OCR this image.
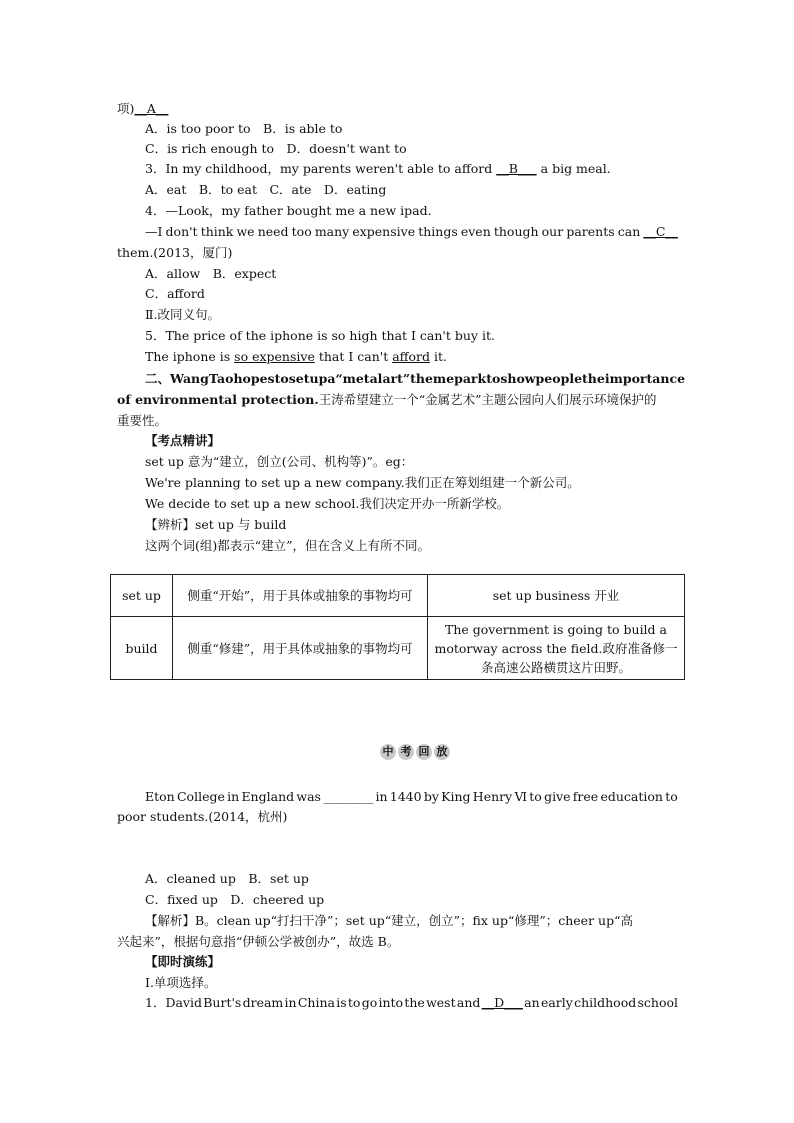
项)__A__
A．is too poor to　B．is able to
C．is rich enough to　D．doesn't want to
3．In my childhood，my parents weren't able to afford __B___ a big meal.
A．eat　B．to eat　C．ate　D．eating
4．—Look，my father bought me a new ipad.
—I don't think we need too many expensive things even though our parents can __C__
them.(2013，厦门)
A．allow　B．expect
C．afford
Ⅱ.改同义句。
5．The price of the iphone is so high that I can't buy it.
The iphone is so expensive that I can't afford it.
二、Wang Tao hopes to set up a “metal art” theme park to show people the importance
of environmental protection.王涛希望建立一个“金属艺术”主题公园向人们展示环境保护的
重要性。
【考点精讲】
set up 意为“建立，创立(公司、机构等)”。eg：
We're planning to set up a new company.我们正在筹划组建一个新公司。
We decide to set up a new school.我们决定开办一所新学校。
【辨析】set up 与 build
这两个词(组)都表示“建立”，但在含义上有所不同。
set up	侧重“开始”，用于具体或抽象的事物均可	set up business 开业
build	侧重“修建”，用于具体或抽象的事物均可	The government is going to build a motorway across the field.政府准备修一条高速公路横贯这片田野。
中 考 回 放
Eton College in England was ________ in 1440 by King Henry Ⅵ to give free education to
poor students.(2014，杭州)
A．cleaned up　B．set up
C．fixed up　D．cheered up
【解析】B。clean up“打扫干净”；set up“建立，创立”；fix up“修理”；cheer up“高
兴起来”，根据句意指“伊顿公学被创办”，故选 B。
【即时演练】
Ⅰ.单项选择。
1．David Burt's dream in China is to go into the west and __D___ an early childhood school
